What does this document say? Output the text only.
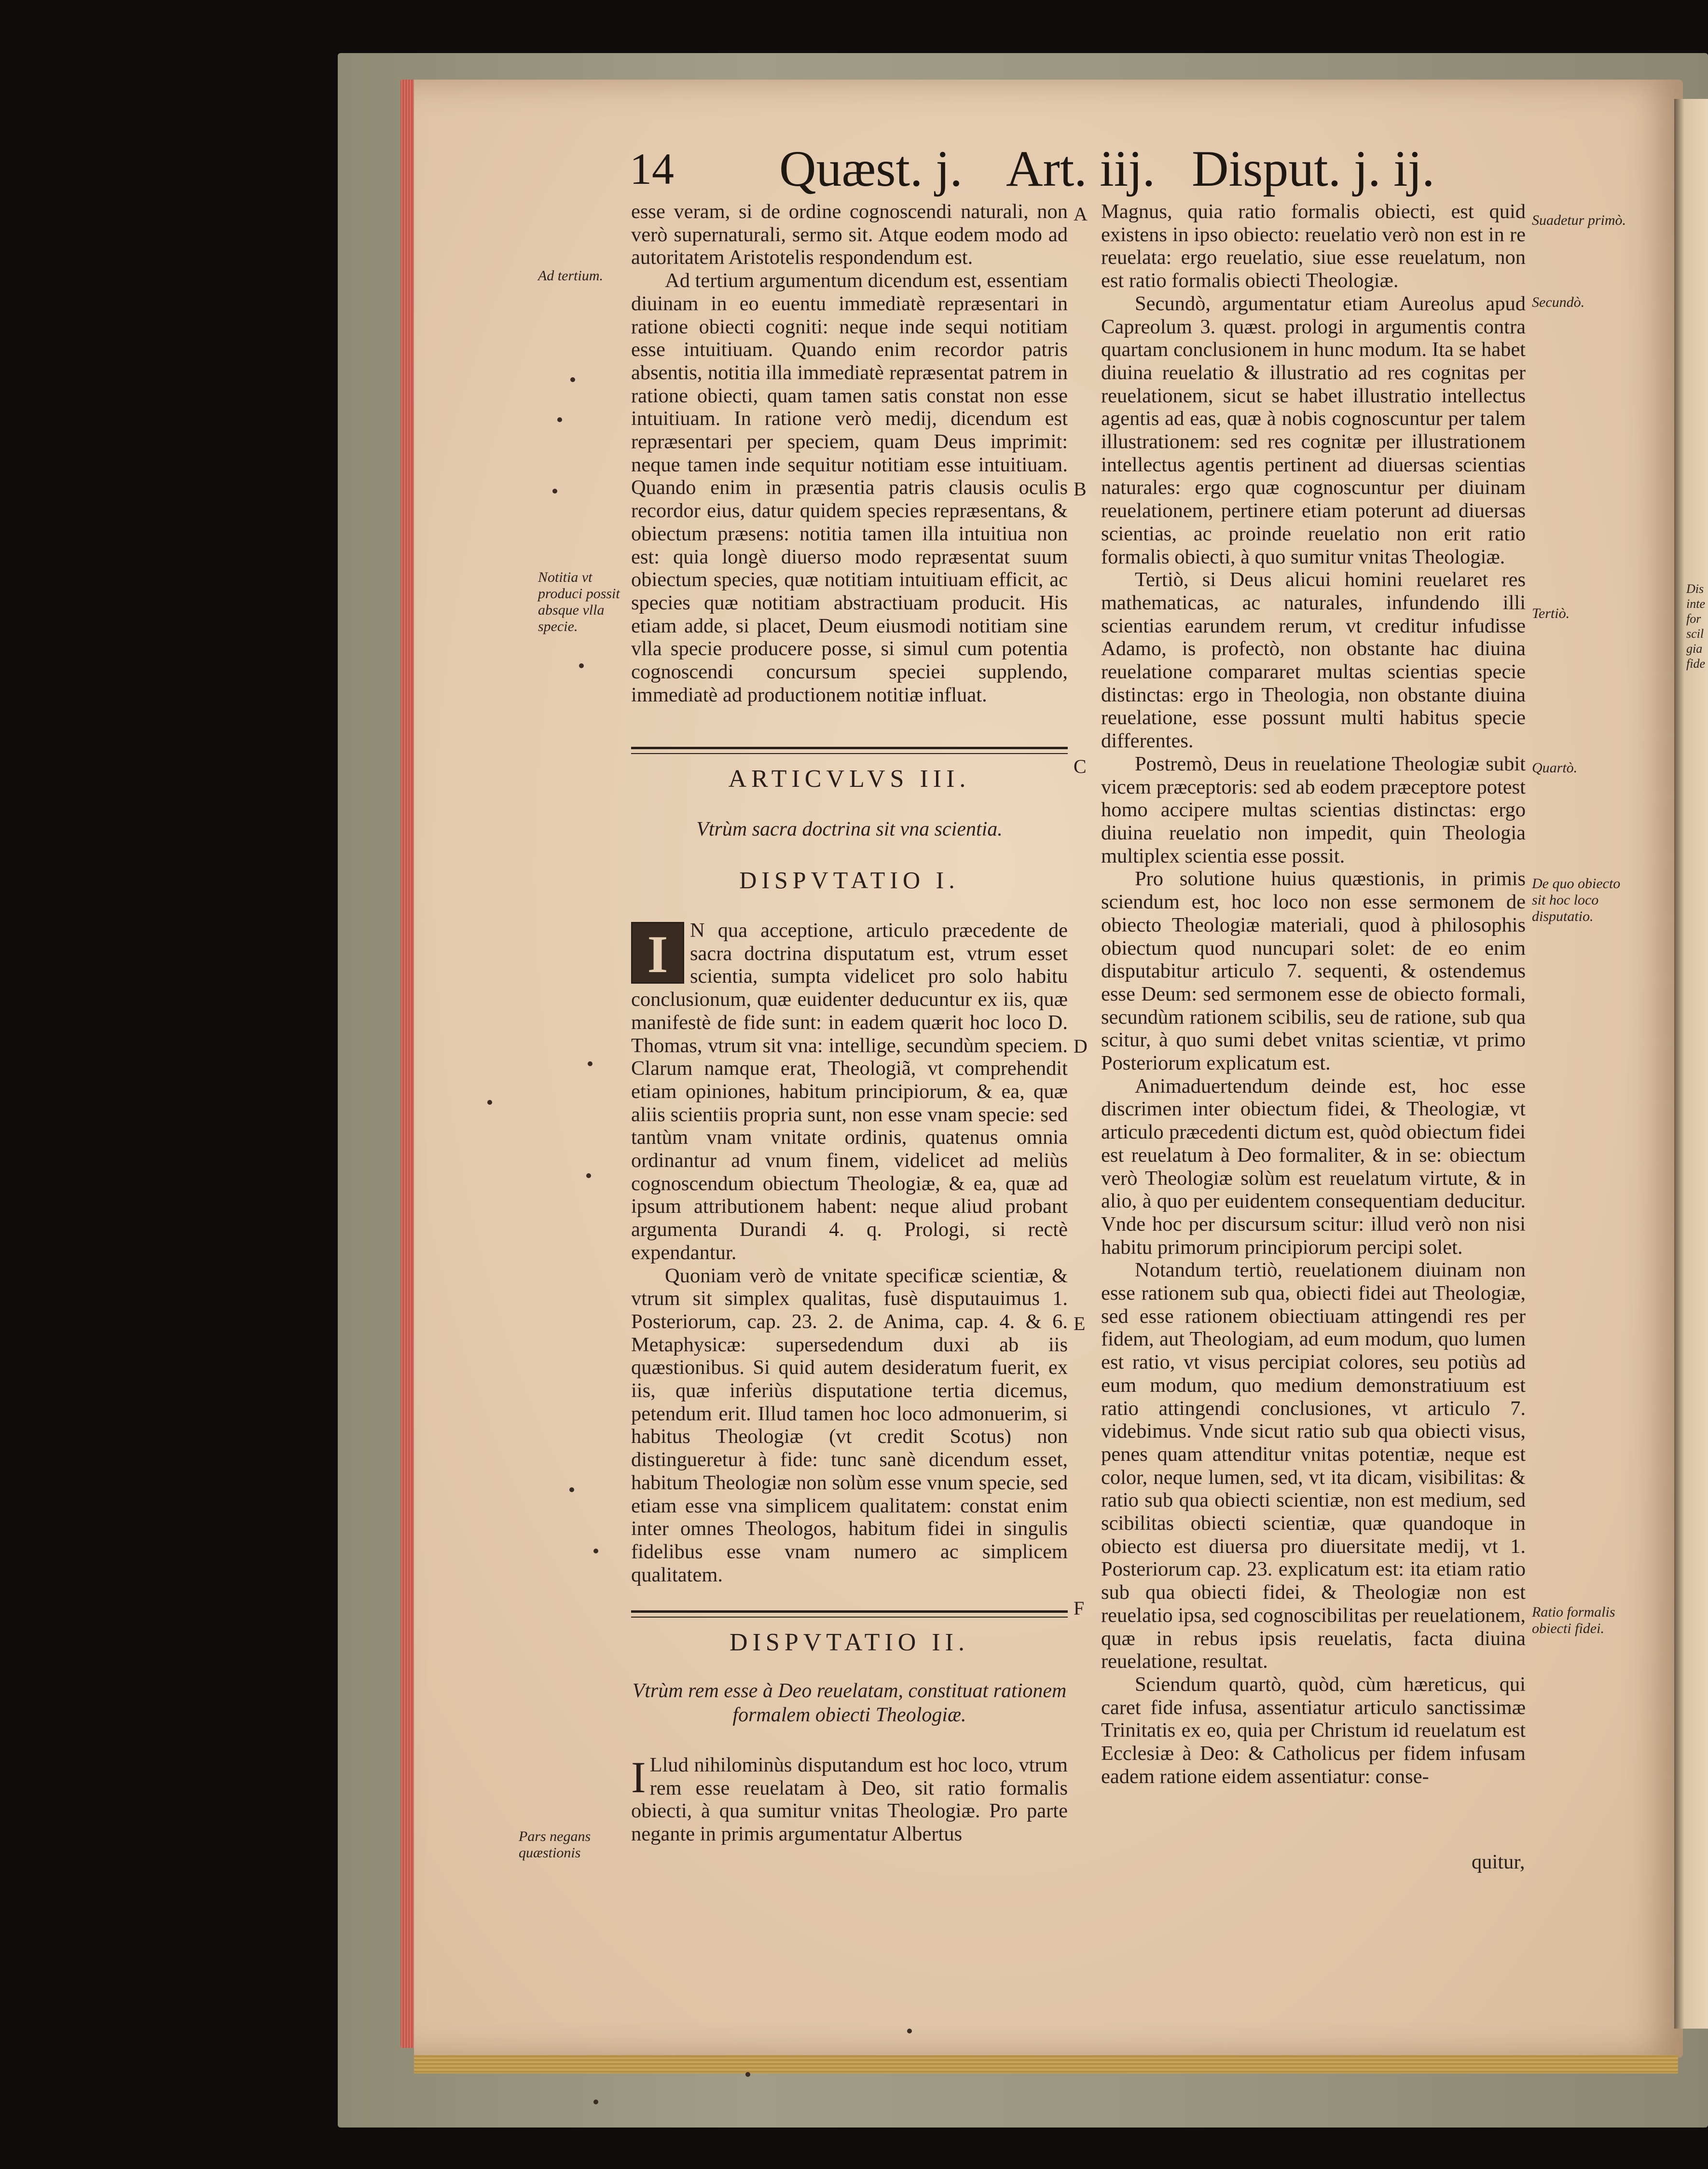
14 Quæst. j. Art. iij. Disput. j. ij.

esse veram, si de ordine cognoscendi naturali, non verò supernaturali, sermo sit. Atque eodem modo ad autoritatem Aristotelis respondendum est.

Ad tertium argumentum dicendum est, essentiam diuinam in eo euentu immediatè repræsentari in ratione obiecti cogniti: neque inde sequi notitiam esse intuitiuam. Quando enim recordor patris absentis, notitia illa immediatè repræsentat patrem in ratione obiecti, quam tamen satis constat non esse intuitiuam. In ratione verò medij, dicendum est repræsentari per speciem, quam Deus imprimit: neque tamen inde sequitur notitiam esse intuitiuam. Quando enim in præsentia patris clausis oculis recordor eius, datur quidem species repræsentans, & obiectum præsens: notitia tamen illa intuitiua non est: quia longè diuerso modo repræsentat suum obiectum species, quæ notitiam intuitiuam efficit, ac species quæ notitiam abstractiuam producit. His etiam adde, si placet, Deum eiusmodi notitiam sine vlla specie producere posse, si simul cum potentia cognoscendi concursum speciei supplendo, immediatè ad productionem notitiæ influat.

ARTICVLVS III.
Vtrùm sacra doctrina sit vna scientia.
DISPVTATIO I.

I	N qua acceptione, articulo præcedente de sacra doctrina disputatum est, vtrum esset scientia, sumpta videlicet pro solo habitu conclusionum, quæ euidenter deducuntur ex iis, quæ manifestè de fide sunt: in eadem quærit hoc loco D. Thomas, vtrum sit vna: intellige, secundùm speciem. Clarum namque erat, Theologiã, vt comprehendit etiam opiniones, habitum principiorum, & ea, quæ aliis scientiis propria sunt, non esse vnam specie: sed tantùm vnam vnitate ordinis, quatenus omnia ordinantur ad vnum finem, videlicet ad meliùs cognoscendum obiectum Theologiæ, & ea, quæ ad ipsum attributionem habent: neque aliud probant argumenta Durandi 4. q. Prologi, si rectè expendantur.

Quoniam verò de vnitate specificæ scientiæ, & vtrum sit simplex qualitas, fusè disputauimus 1. Posteriorum, cap. 23. 2. de Anima, cap. 4. & 6. Metaphysicæ: supersedendum duxi ab iis quæstionibus. Si quid autem desideratum fuerit, ex iis, quæ inferiùs disputatione tertia dicemus, petendum erit. Illud tamen hoc loco admonuerim, si habitus Theologiæ (vt credit Scotus) non distingueretur à fide: tunc sanè dicendum esset, habitum Theologiæ non solùm esse vnum specie, sed etiam esse vna simplicem qualitatem: constat enim inter omnes Theologos, habitum fidei in singulis fidelibus esse vnam numero ac simplicem qualitatem.

DISPVTATIO II.
Vtrùm rem esse à Deo reuelatam, constituat rationem formalem obiecti Theologiæ.

I Llud nihilominùs disputandum est hoc loco, vtrum rem esse reuelatam à Deo, sit ratio formalis obiecti, à qua sumitur vnitas Theologiæ. Pro parte negante in primis argumentatur Albertus

Magnus, quia ratio formalis obiecti, est quid existens in ipso obiecto: reuelatio verò non est in re reuelata: ergo reuelatio, siue esse reuelatum, non est ratio formalis obiecti Theologiæ.

Secundò, argumentatur etiam Aureolus apud Capreolum 3. quæst. prologi in argumentis contra quartam conclusionem in hunc modum. Ita se habet diuina reuelatio & illustratio ad res cognitas per reuelationem, sicut se habet illustratio intellectus agentis ad eas, quæ à nobis cognoscuntur per talem illustrationem: sed res cognitæ per illustrationem intellectus agentis pertinent ad diuersas scientias naturales: ergo quæ cognoscuntur per diuinam reuelationem, pertinere etiam poterunt ad diuersas scientias, ac proinde reuelatio non erit ratio formalis obiecti, à quo sumitur vnitas Theologiæ.

Tertiò, si Deus alicui homini reuelaret res mathematicas, ac naturales, infundendo illi scientias earundem rerum, vt creditur infudisse Adamo, is profectò, non obstante hac diuina reuelatione compararet multas scientias specie distinctas: ergo in Theologia, non obstante diuina reuelatione, esse possunt multi habitus specie differentes.

Postremò, Deus in reuelatione Theologiæ subit vicem præceptoris: sed ab eodem præceptore potest homo accipere multas scientias distinctas: ergo diuina reuelatio non impedit, quin Theologia multiplex scientia esse possit.

Pro solutione huius quæstionis, in primis sciendum est, hoc loco non esse sermonem de obiecto Theologiæ materiali, quod à philosophis obiectum quod nuncupari solet: de eo enim disputabitur articulo 7. sequenti, & ostendemus esse Deum: sed sermonem esse de obiecto formali, secundùm rationem scibilis, seu de ratione, sub qua scitur, à quo sumi debet vnitas scientiæ, vt primo Posteriorum explicatum est.

Animaduertendum deinde est, hoc esse discrimen inter obiectum fidei, & Theologiæ, vt articulo præcedenti dictum est, quòd obiectum fidei est reuelatum à Deo formaliter, & in se: obiectum verò Theologiæ solùm est reuelatum virtute, & in alio, à quo per euidentem consequentiam deducitur. Vnde hoc per discursum scitur: illud verò non nisi habitu primorum principiorum percipi solet.

Notandum tertiò, reuelationem diuinam non esse rationem sub qua, obiecti fidei aut Theologiæ, sed esse rationem obiectiuam attingendi res per fidem, aut Theologiam, ad eum modum, quo lumen est ratio, vt visus percipiat colores, seu potiùs ad eum modum, quo medium demonstratiuum est ratio attingendi conclusiones, vt articulo 7. videbimus. Vnde sicut ratio sub qua obiecti visus, penes quam attenditur vnitas potentiæ, neque est color, neque lumen, sed, vt ita dicam, visibilitas: & ratio sub qua obiecti scientiæ, non est medium, sed scibilitas obiecti scientiæ, quæ quandoque in obiecto est diuersa pro diuersitate medij, vt 1. Posteriorum cap. 23. explicatum est: ita etiam ratio sub qua obiecti fidei, & Theologiæ non est reuelatio ipsa, sed cognoscibilitas per reuelationem, quæ in rebus ipsis reuelatis, facta diuina reuelatione, resultat.

Sciendum quartò, quòd, cùm hæreticus, qui caret fide infusa, assentiatur articulo sanctissimæ Trinitatis ex eo, quia per Christum id reuelatum est Ecclesiæ à Deo: & Catholicus per fidem infusam eadem ratione eidem assentiatur: conse-

quitur,
Ad tertium.
Notitia vt produci possit absque vlla specie.
Pars negans quæstionis
Suadetur primò.
Secundò.
Tertiò.
Quartò.
De quo obiecto sit hoc loco disputatio.
Ratio formalis obiecti fidei.
A
B
C
D
E
F
Dis
inte
for
scil
gia
fide
